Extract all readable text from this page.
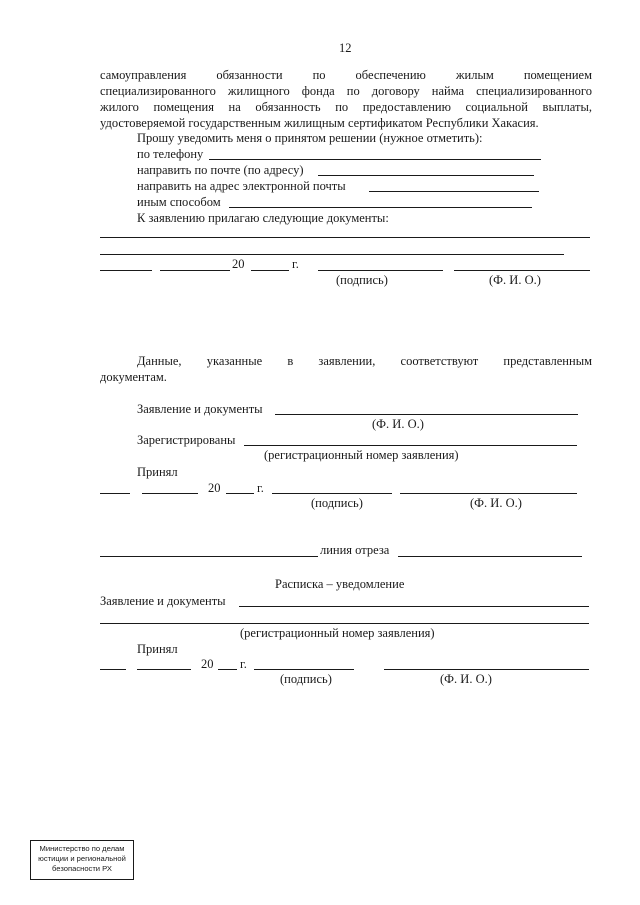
12
самоуправления обязанности по обеспечению жилым помещением
специализированного жилищного фонда по договору найма специализированного
жилого помещения на обязанность по предоставлению социальной выплаты,
удостоверяемой государственным жилищным сертификатом Республики Хакасия.
Прошу уведомить меня о принятом решении (нужное отметить):
по телефону
направить по почте (по адресу)
направить на адрес электронной почты
иным способом
К заявлению прилагаю следующие документы:
20	г.
(подпись)	(Ф. И. О.)
Данные, указанные в заявлении, соответствуют представленным
документам.
Заявление и документы
(Ф. И. О.)
Зарегистрированы
(регистрационный номер заявления)
Принял
20	г.
(подпись)	(Ф. И. О.)
линия отреза
Расписка – уведомление
Заявление и документы
(регистрационный номер заявления)
Принял
20 г.
(подпись)	(Ф. И. О.)
Министерство по делам
юстиции и региональной
безопасности РХ
